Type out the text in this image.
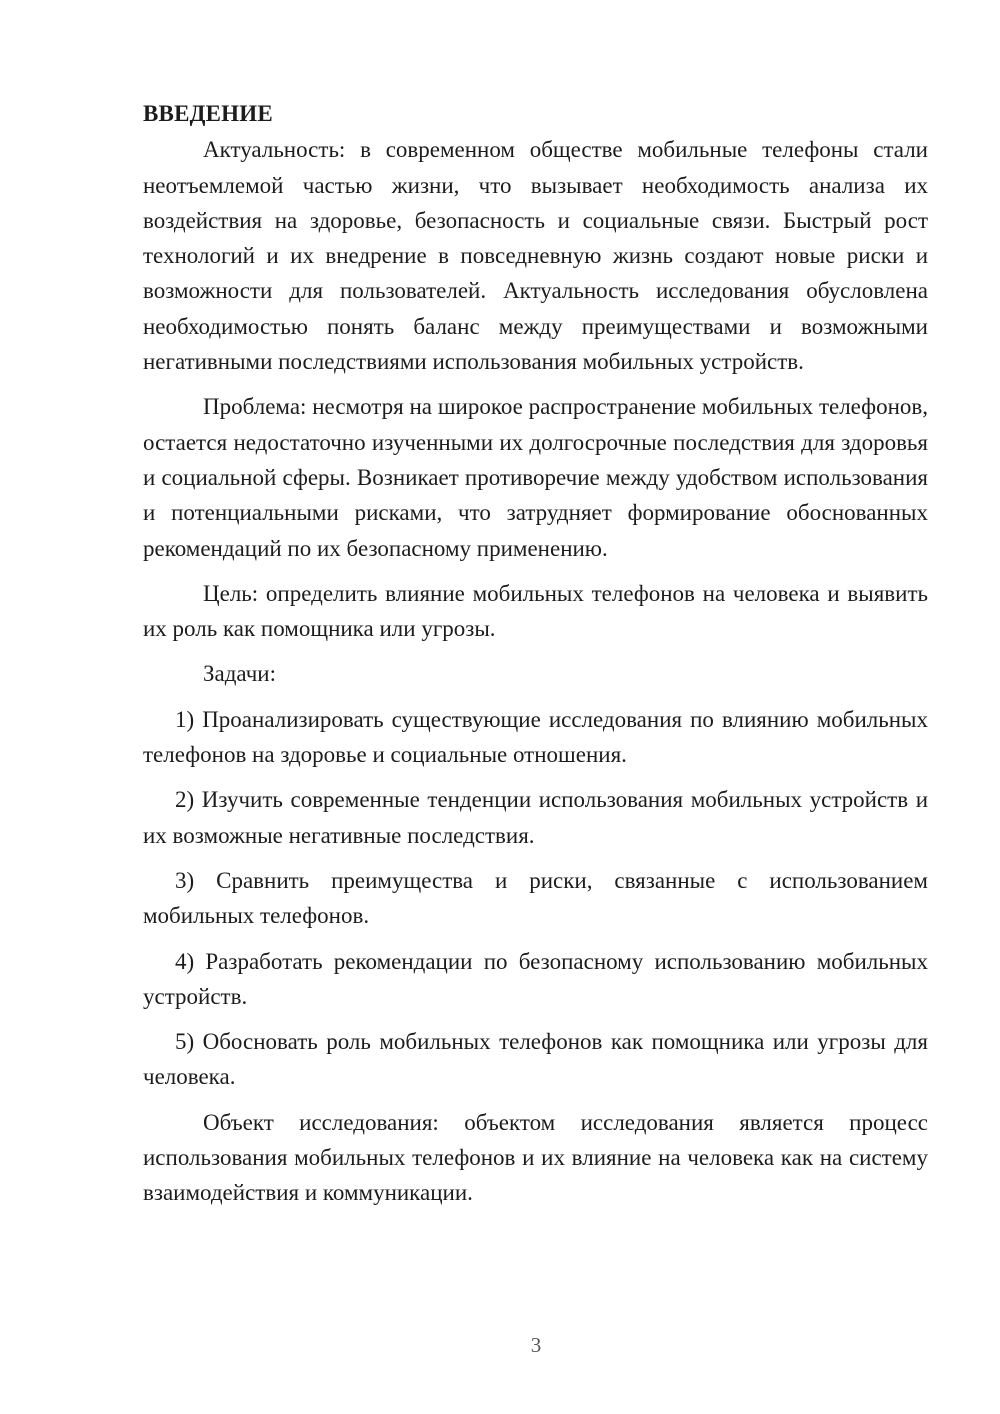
ВВЕДЕНИЕ

Актуальность: в современном обществе мобильные телефоны стали неотъемлемой частью жизни, что вызывает необходимость анализа их воздействия на здоровье, безопасность и социальные связи. Быстрый рост технологий и их внедрение в повседневную жизнь создают новые риски и возможности для пользователей. Актуальность исследования обусловлена необходимостью понять баланс между преимуществами и возможными негативными последствиями использования мобильных устройств.

Проблема: несмотря на широкое распространение мобильных телефонов, остается недостаточно изученными их долгосрочные последствия для здоровья и социальной сферы. Возникает противоречие между удобством использования и потенциальными рисками, что затрудняет формирование обоснованных рекомендаций по их безопасному применению.

Цель: определить влияние мобильных телефонов на человека и выявить их роль как помощника или угрозы.

Задачи:

1) Проанализировать существующие исследования по влиянию мобильных телефонов на здоровье и социальные отношения.

2) Изучить современные тенденции использования мобильных устройств и их возможные негативные последствия.

3) Сравнить преимущества и риски, связанные с использованием мобильных телефонов.

4) Разработать рекомендации по безопасному использованию мобильных устройств.

5) Обосновать роль мобильных телефонов как помощника или угрозы для человека.

Объект исследования: объектом исследования является процесс использования мобильных телефонов и их влияние на человека как на систему взаимодействия и коммуникации.

3
